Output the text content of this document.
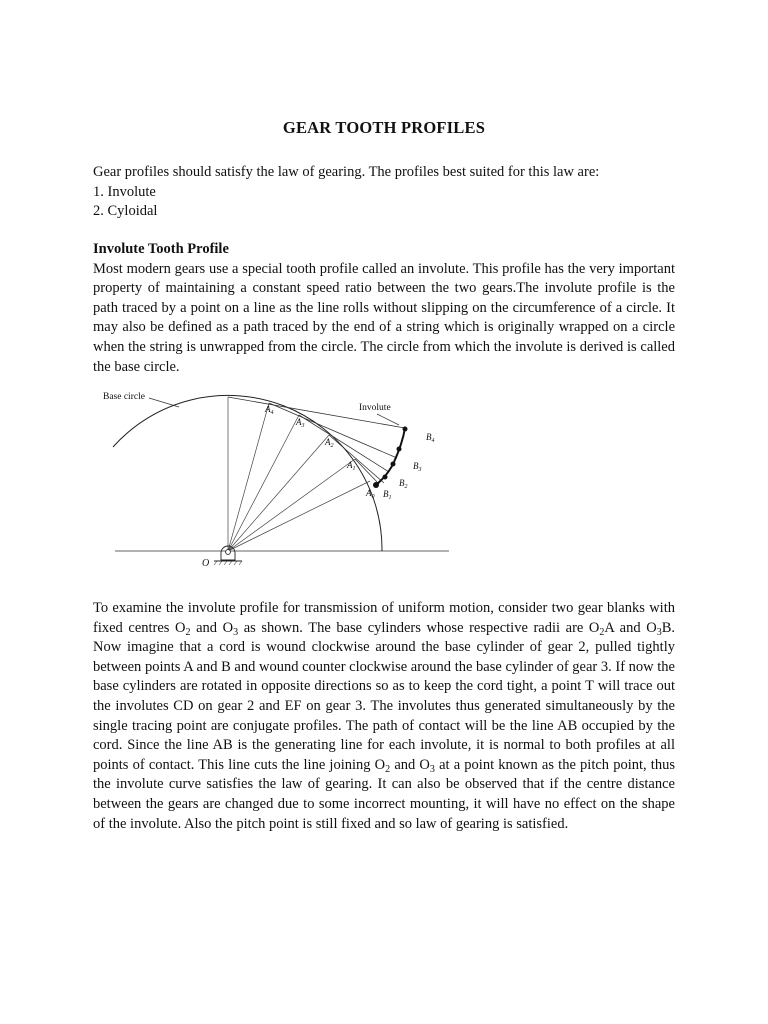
GEAR TOOTH PROFILES

Gear profiles should satisfy the law of gearing. The profiles best suited for this law are:

1. Involute

2. Cyloidal

Involute Tooth Profile

Most modern gears use a special tooth profile called an involute. This profile has the very important property of maintaining a constant speed ratio between the two gears.The involute profile is the path traced by a point on a line as the line rolls without slipping on the circumference of a circle. It may also be defined as a path traced by the end of a string which is originally wrapped on a circle when the string is unwrapped from the circle. The circle from which the involute is derived is called the base circle.

Base circle
Involute
O
$A_4$
$A_3$
$A_2$
$A_1$
$A_0$ $B_1$
$B_2$
$B_3$
$B_4$

To examine the involute profile for transmission of uniform motion, consider two gear blanks with fixed centres $O_2$ and $O_3$ as shown. The base cylinders whose respective radii are $O_2A$ and $O_3B$. Now imagine that a cord is wound clockwise around the base cylinder of gear 2, pulled tightly between points A and B and wound counter clockwise around the base cylinder of gear 3. If now the base cylinders are rotated in opposite directions so as to keep the cord tight, a point T will trace out the involutes CD on gear 2 and EF on gear 3. The involutes thus generated simultaneously by the single tracing point are conjugate profiles. The path of contact will be the line AB occupied by the cord. Since the line AB is the generating line for each involute, it is normal to both profiles at all points of contact. This line cuts the line joining $O_2$ and $O_3$ at a point known as the pitch point, thus the involute curve satisfies the law of gearing. It can also be observed that if the centre distance between the gears are changed due to some incorrect mounting, it will have no effect on the shape of the involute. Also the pitch point is still fixed and so law of gearing is satisfied.
